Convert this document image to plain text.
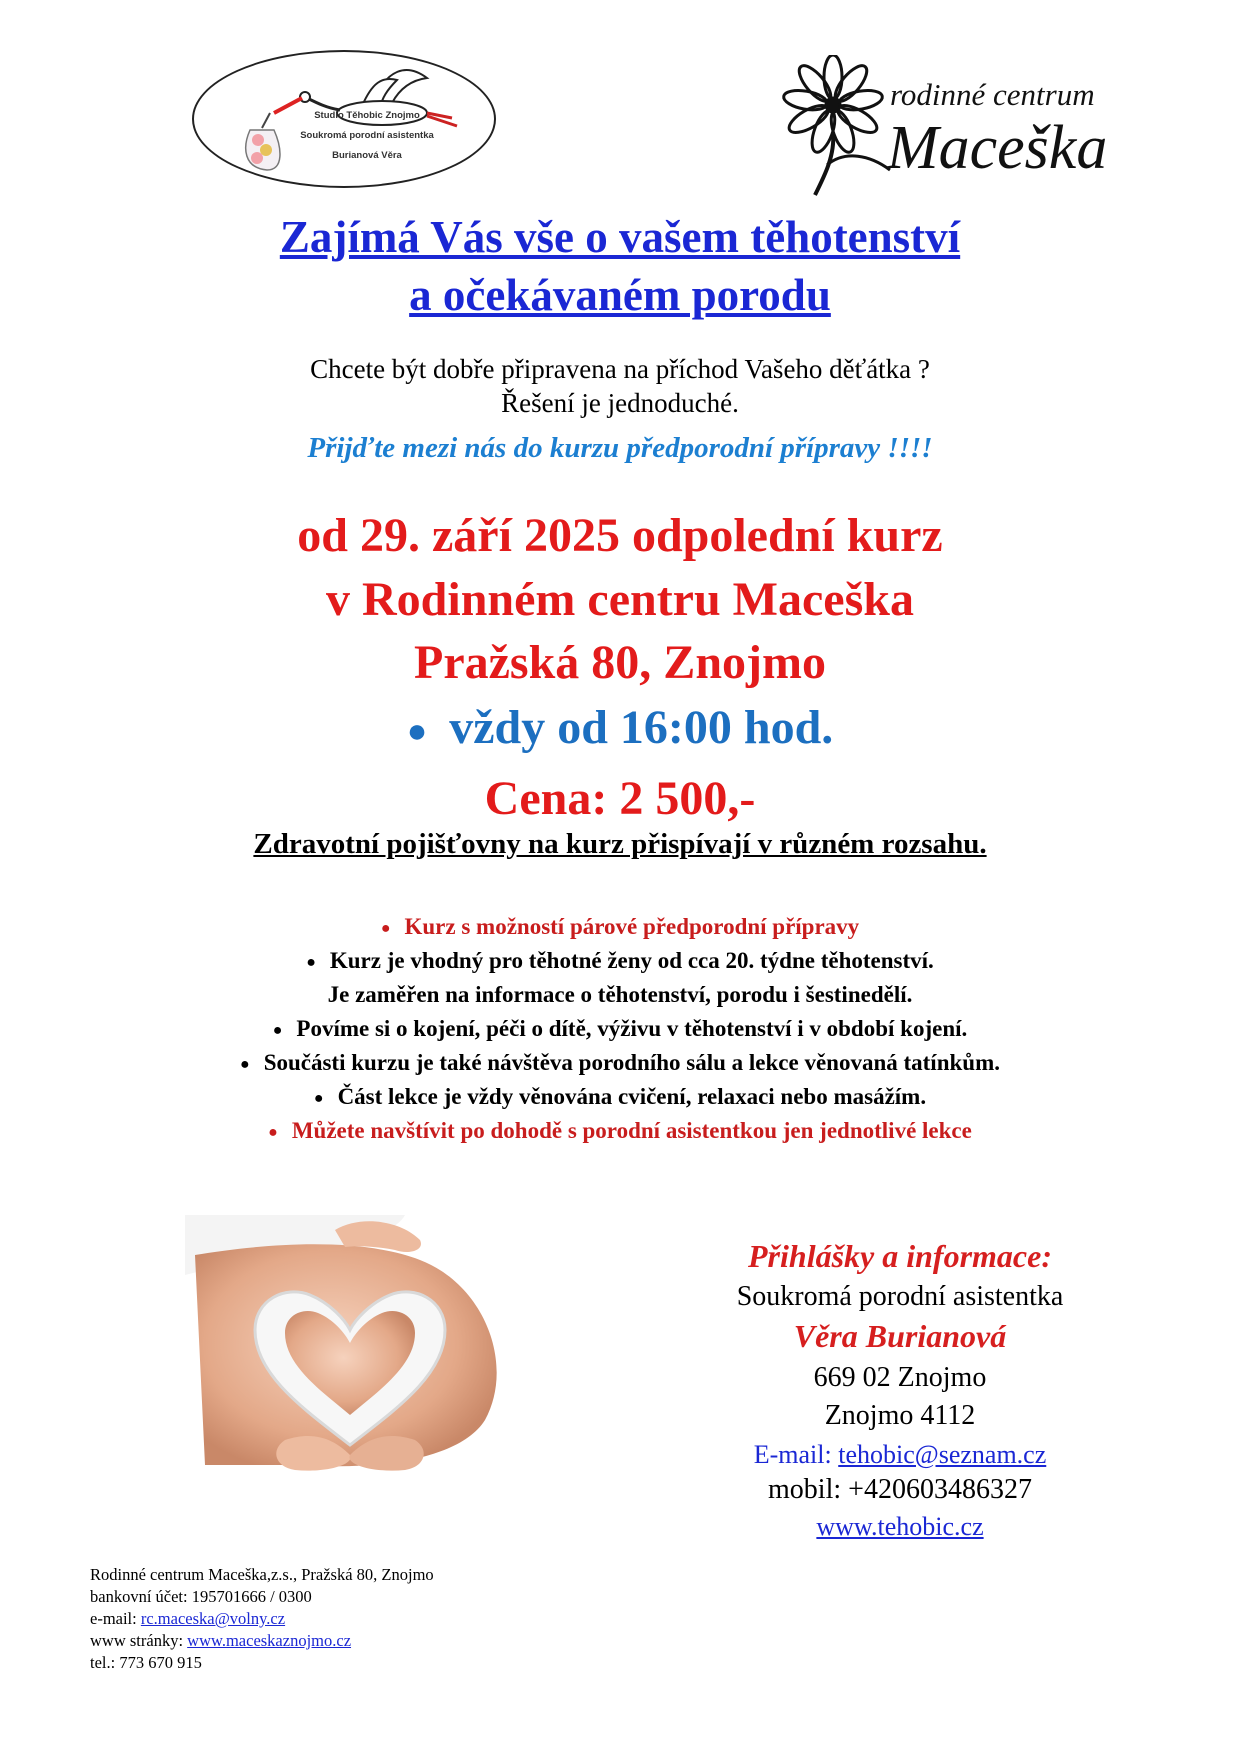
Studio Těhobic Znojmo
Soukromá porodní asistentka
Burianová Věra
rodinné centrum
Maceška
Zajímá Vás vše o vašem těhotenství
a očekávaném porodu
Chcete být dobře připravena na příchod Vašeho děťátka ?
Řešení je jednoduché.
Přijďte mezi nás do kurzu předporodní přípravy !!!!
od 29. září 2025 odpolední kurz
v Rodinném centru Maceška
Pražská 80, Znojmo
● vždy od 16:00 hod.
Cena: 2 500,-
Zdravotní pojišťovny na kurz přispívají v různém rozsahu.
● Kurz s možností párové předporodní přípravy
● Kurz je vhodný pro těhotné ženy od cca 20. týdne těhotenství.
Je zaměřen na informace o těhotenství, porodu i šestinedělí.
● Povíme si o kojení, péči o dítě, výživu v těhotenství i v období kojení.
● Součásti kurzu je také návštěva porodního sálu a lekce věnovaná tatínkům.
● Část lekce je vždy věnována cvičení, relaxaci nebo masážím.
● Můžete navštívit po dohodě s porodní asistentkou jen jednotlivé lekce
Přihlášky a informace:
Soukromá porodní asistentka
Věra Burianová
669 02 Znojmo
Znojmo 4112
E-mail: tehobic@seznam.cz
mobil: +420603486327
www.tehobic.cz
Rodinné centrum Maceška,z.s., Pražská 80, Znojmo
bankovní účet: 195701666 / 0300
e-mail: rc.maceska@volny.cz
www stránky: www.maceskaznojmo.cz
tel.: 773 670 915
